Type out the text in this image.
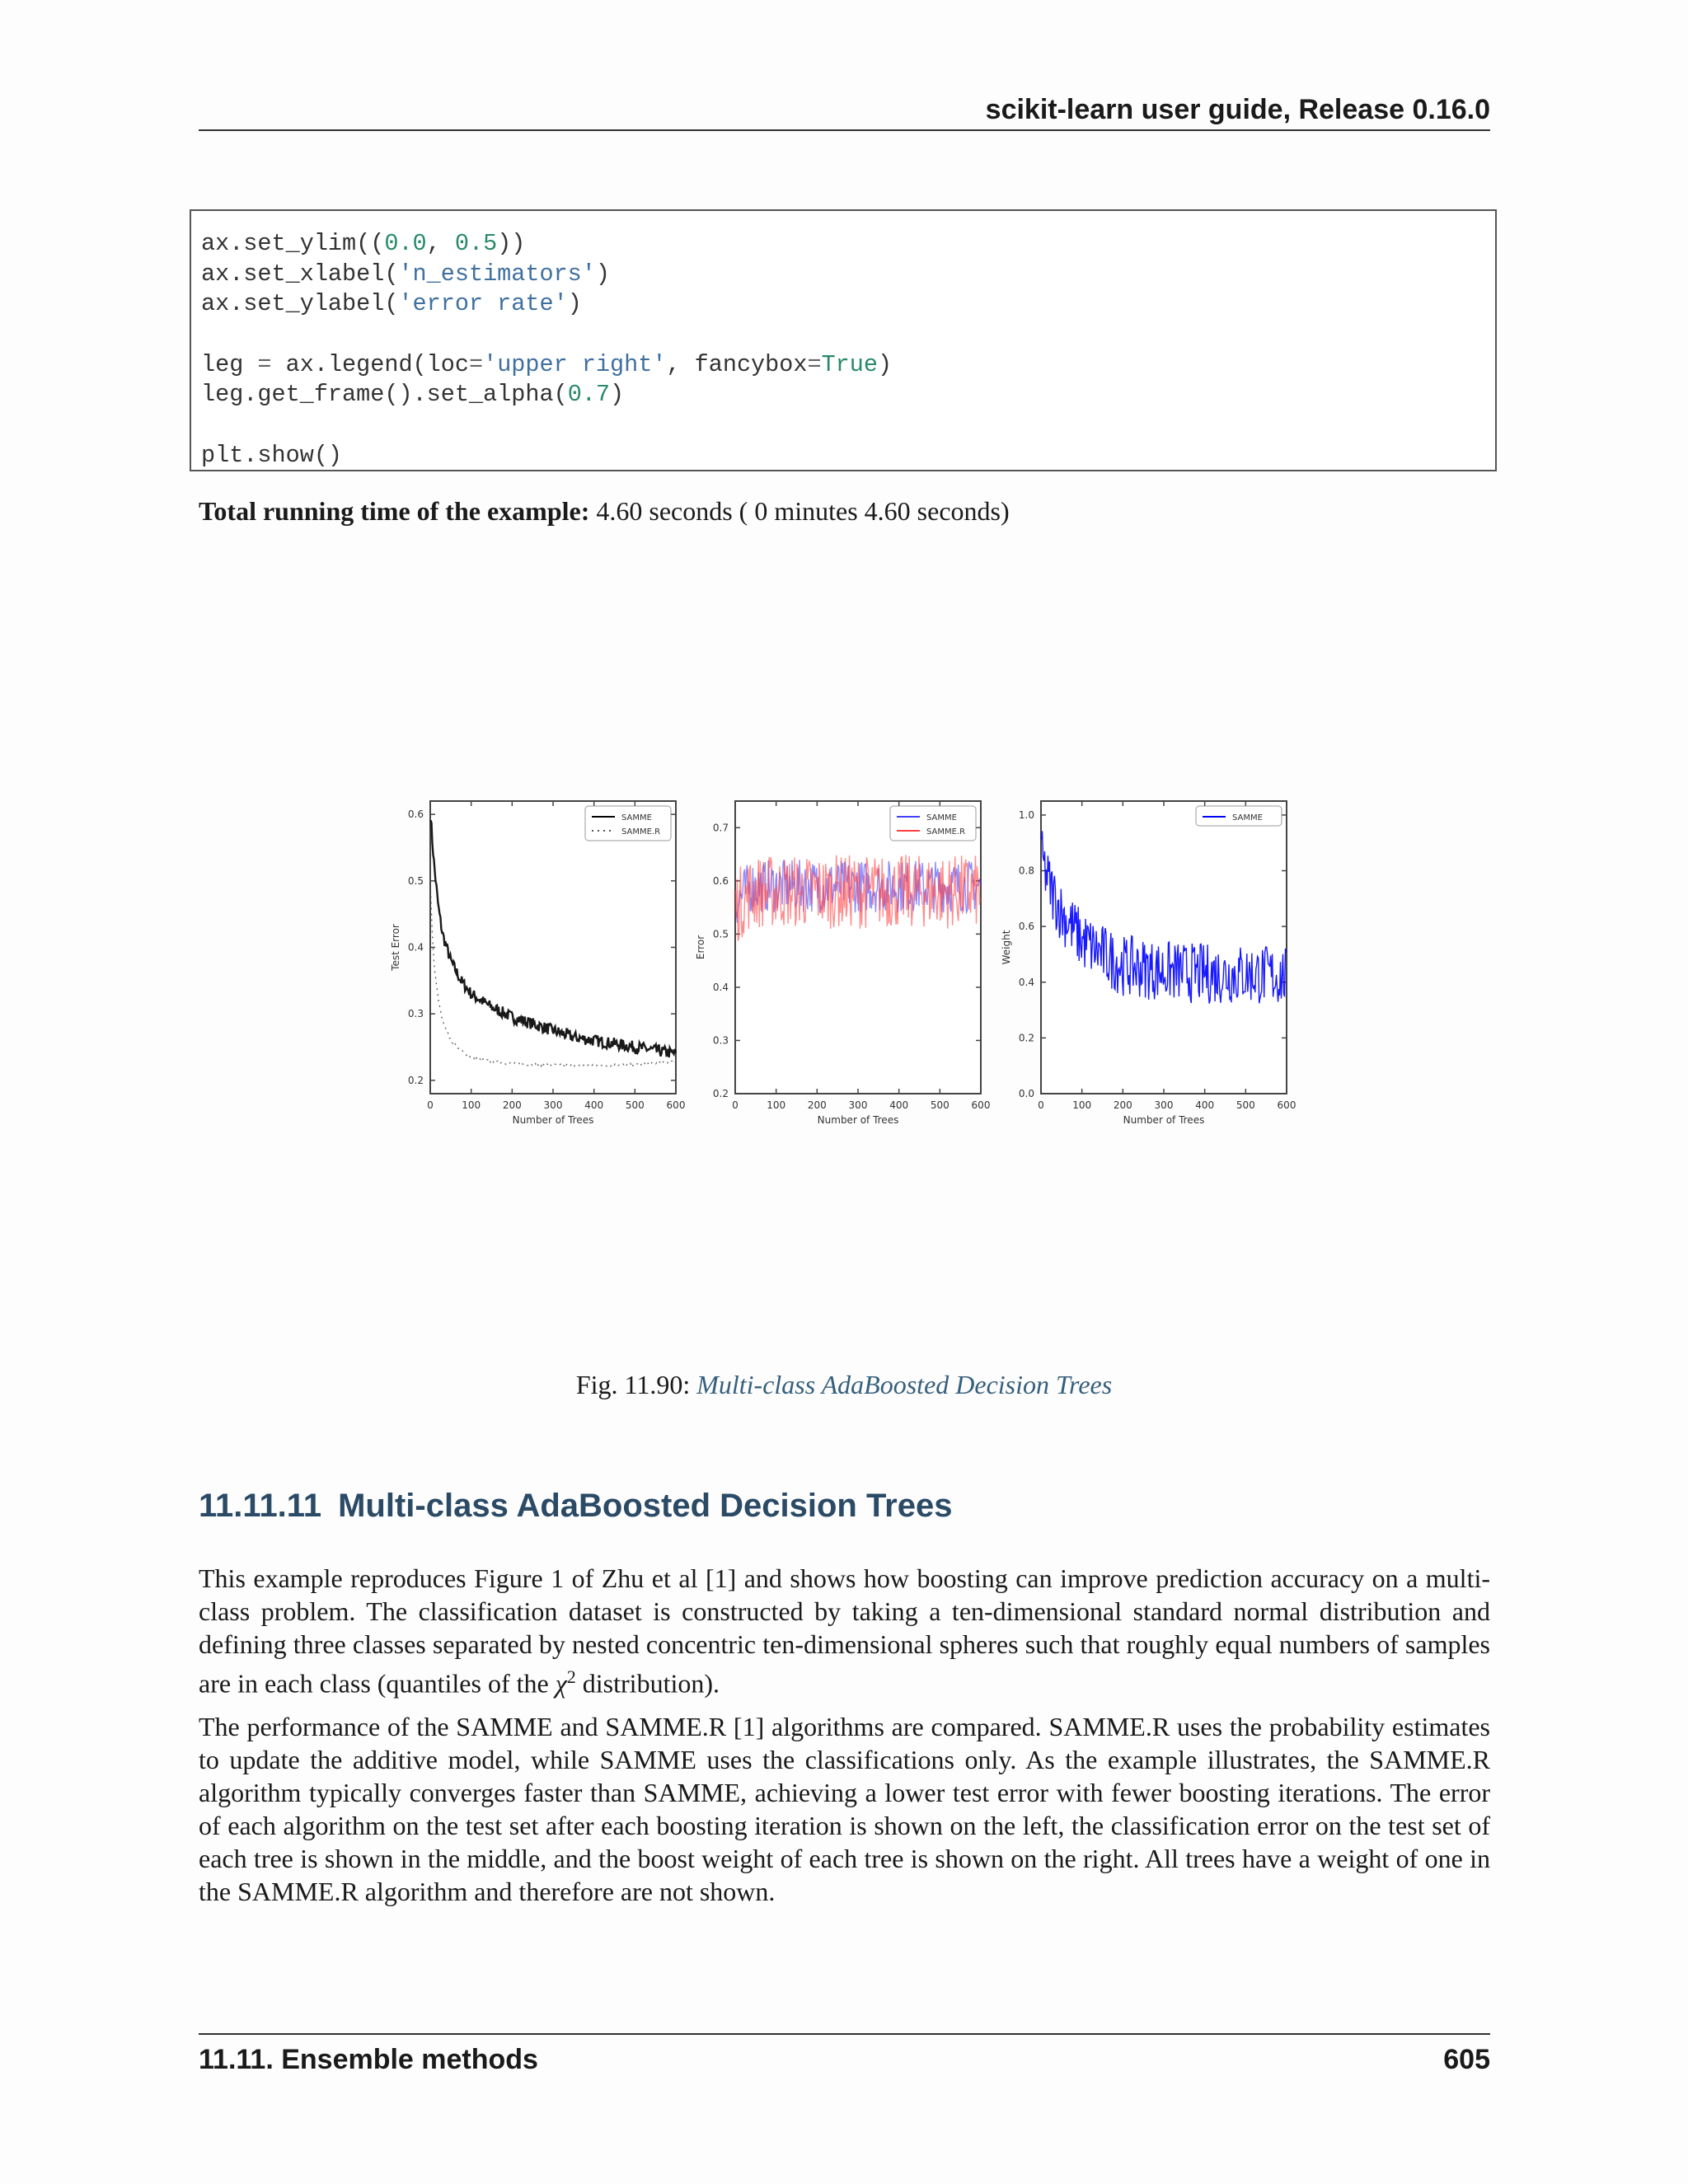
scikit-learn user guide, Release 0.16.0
ax.set_ylim((0.0, 0.5))
ax.set_xlabel('n_estimators')
ax.set_ylabel('error rate')
leg = ax.legend(loc='upper right', fancybox=True)
leg.get_frame().set_alpha(0.7)
plt.show()
Total running time of the example: 4.60 seconds ( 0 minutes 4.60 seconds)
0	100 200 300 400 500 600
0.2
0.3
0.4
0.5
0.6
Number of Trees
Test Error
SAMME
SAMME.R
0	100 200 300 400 500 600
0.2
0.3
0.4
0.5
0.6
0.7
Number of Trees
Error
SAMME
SAMME.R
0	100 200 300 400 500 600
0.0
0.2
0.4
0.6
0.8
1.0
Number of Trees
Weight
SAMME
Fig. 11.90: Multi-class AdaBoosted Decision Trees
11.11.11 Multi-class AdaBoosted Decision Trees

This example reproduces Figure 1 of Zhu et al [1] and shows how boosting can improve prediction accuracy on a multi-class problem. The classification dataset is constructed by taking a ten-dimensional standard normal distribution and defining three classes separated by nested concentric ten-dimensional spheres such that roughly equal numbers of samples are in each class (quantiles of the $\chi^2$ distribution).

The performance of the SAMME and SAMME.R [1] algorithms are compared. SAMME.R uses the probability estimates to update the additive model, while SAMME uses the classifications only. As the example illustrates, the SAMME.R algorithm typically converges faster than SAMME, achieving a lower test error with fewer boosting iterations. The error of each algorithm on the test set after each boosting iteration is shown on the left, the classification error on the test set of each tree is shown in the middle, and the boost weight of each tree is shown on the right. All trees have a weight of one in the SAMME.R algorithm and therefore are not shown.

11.11. Ensemble methods	605
